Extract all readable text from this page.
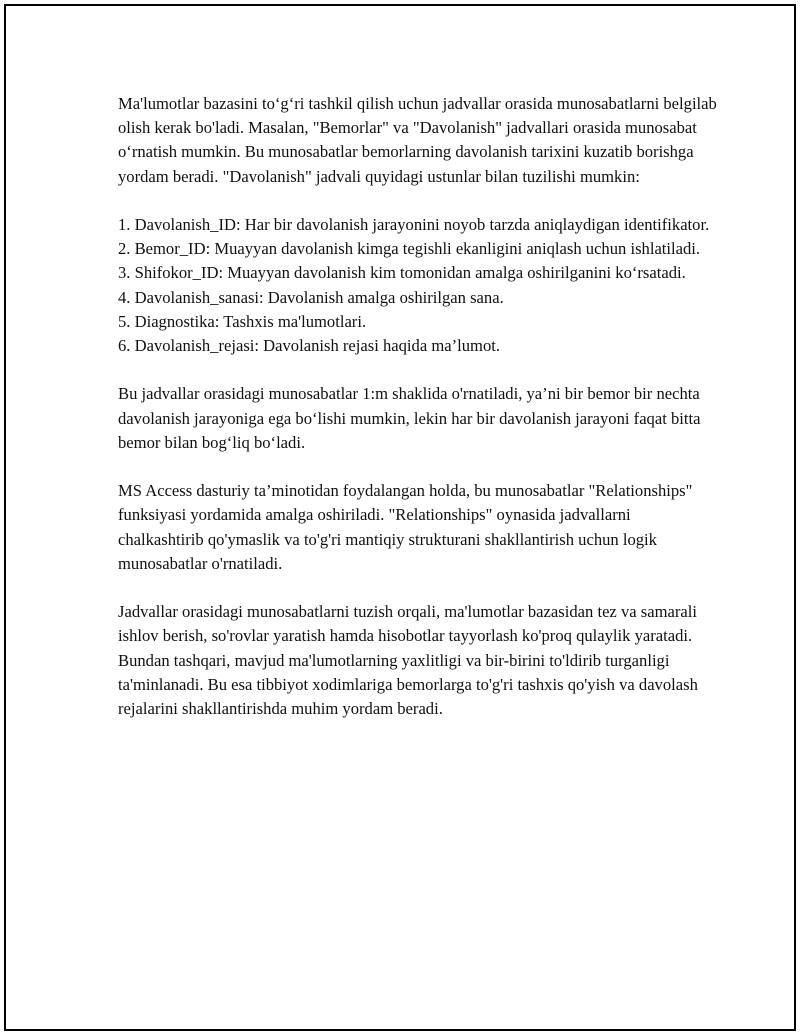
Ma'lumotlar bazasini to‘g‘ri tashkil qilish uchun jadvallar orasida munosabatlarni belgilab olish kerak bo'ladi. Masalan, "Bemorlar" va "Davolanish" jadvallari orasida munosabat o‘rnatish mumkin. Bu munosabatlar bemorlarning davolanish tarixini kuzatib borishga yordam beradi. "Davolanish" jadvali quyidagi ustunlar bilan tuzilishi mumkin:

1. Davolanish_ID: Har bir davolanish jarayonini noyob tarzda aniqlaydigan identifikator.
2. Bemor_ID: Muayyan davolanish kimga tegishli ekanligini aniqlash uchun ishlatiladi.
3. Shifokor_ID: Muayyan davolanish kim tomonidan amalga oshirilganini ko‘rsatadi.
4. Davolanish_sanasi: Davolanish amalga oshirilgan sana.
5. Diagnostika: Tashxis ma'lumotlari.
6. Davolanish_rejasi: Davolanish rejasi haqida ma’lumot.

Bu jadvallar orasidagi munosabatlar 1:m shaklida o'rnatiladi, ya’ni bir bemor bir nechta davolanish jarayoniga ega bo‘lishi mumkin, lekin har bir davolanish jarayoni faqat bitta bemor bilan bog‘liq bo‘ladi.

MS Access dasturiy ta’minotidan foydalangan holda, bu munosabatlar "Relationships" funksiyasi yordamida amalga oshiriladi. "Relationships" oynasida jadvallarni chalkashtirib qo'ymaslik va to'g'ri mantiqiy strukturani shakllantirish uchun logik munosabatlar o'rnatiladi.

Jadvallar orasidagi munosabatlarni tuzish orqali, ma'lumotlar bazasidan tez va samarali ishlov berish, so'rovlar yaratish hamda hisobotlar tayyorlash ko'proq qulaylik yaratadi. Bundan tashqari, mavjud ma'lumotlarning yaxlitligi va bir-birini to'ldirib turganligi ta'minlanadi. Bu esa tibbiyot xodimlariga bemorlarga to'g'ri tashxis qo'yish va davolash rejalarini shakllantirishda muhim yordam beradi.
